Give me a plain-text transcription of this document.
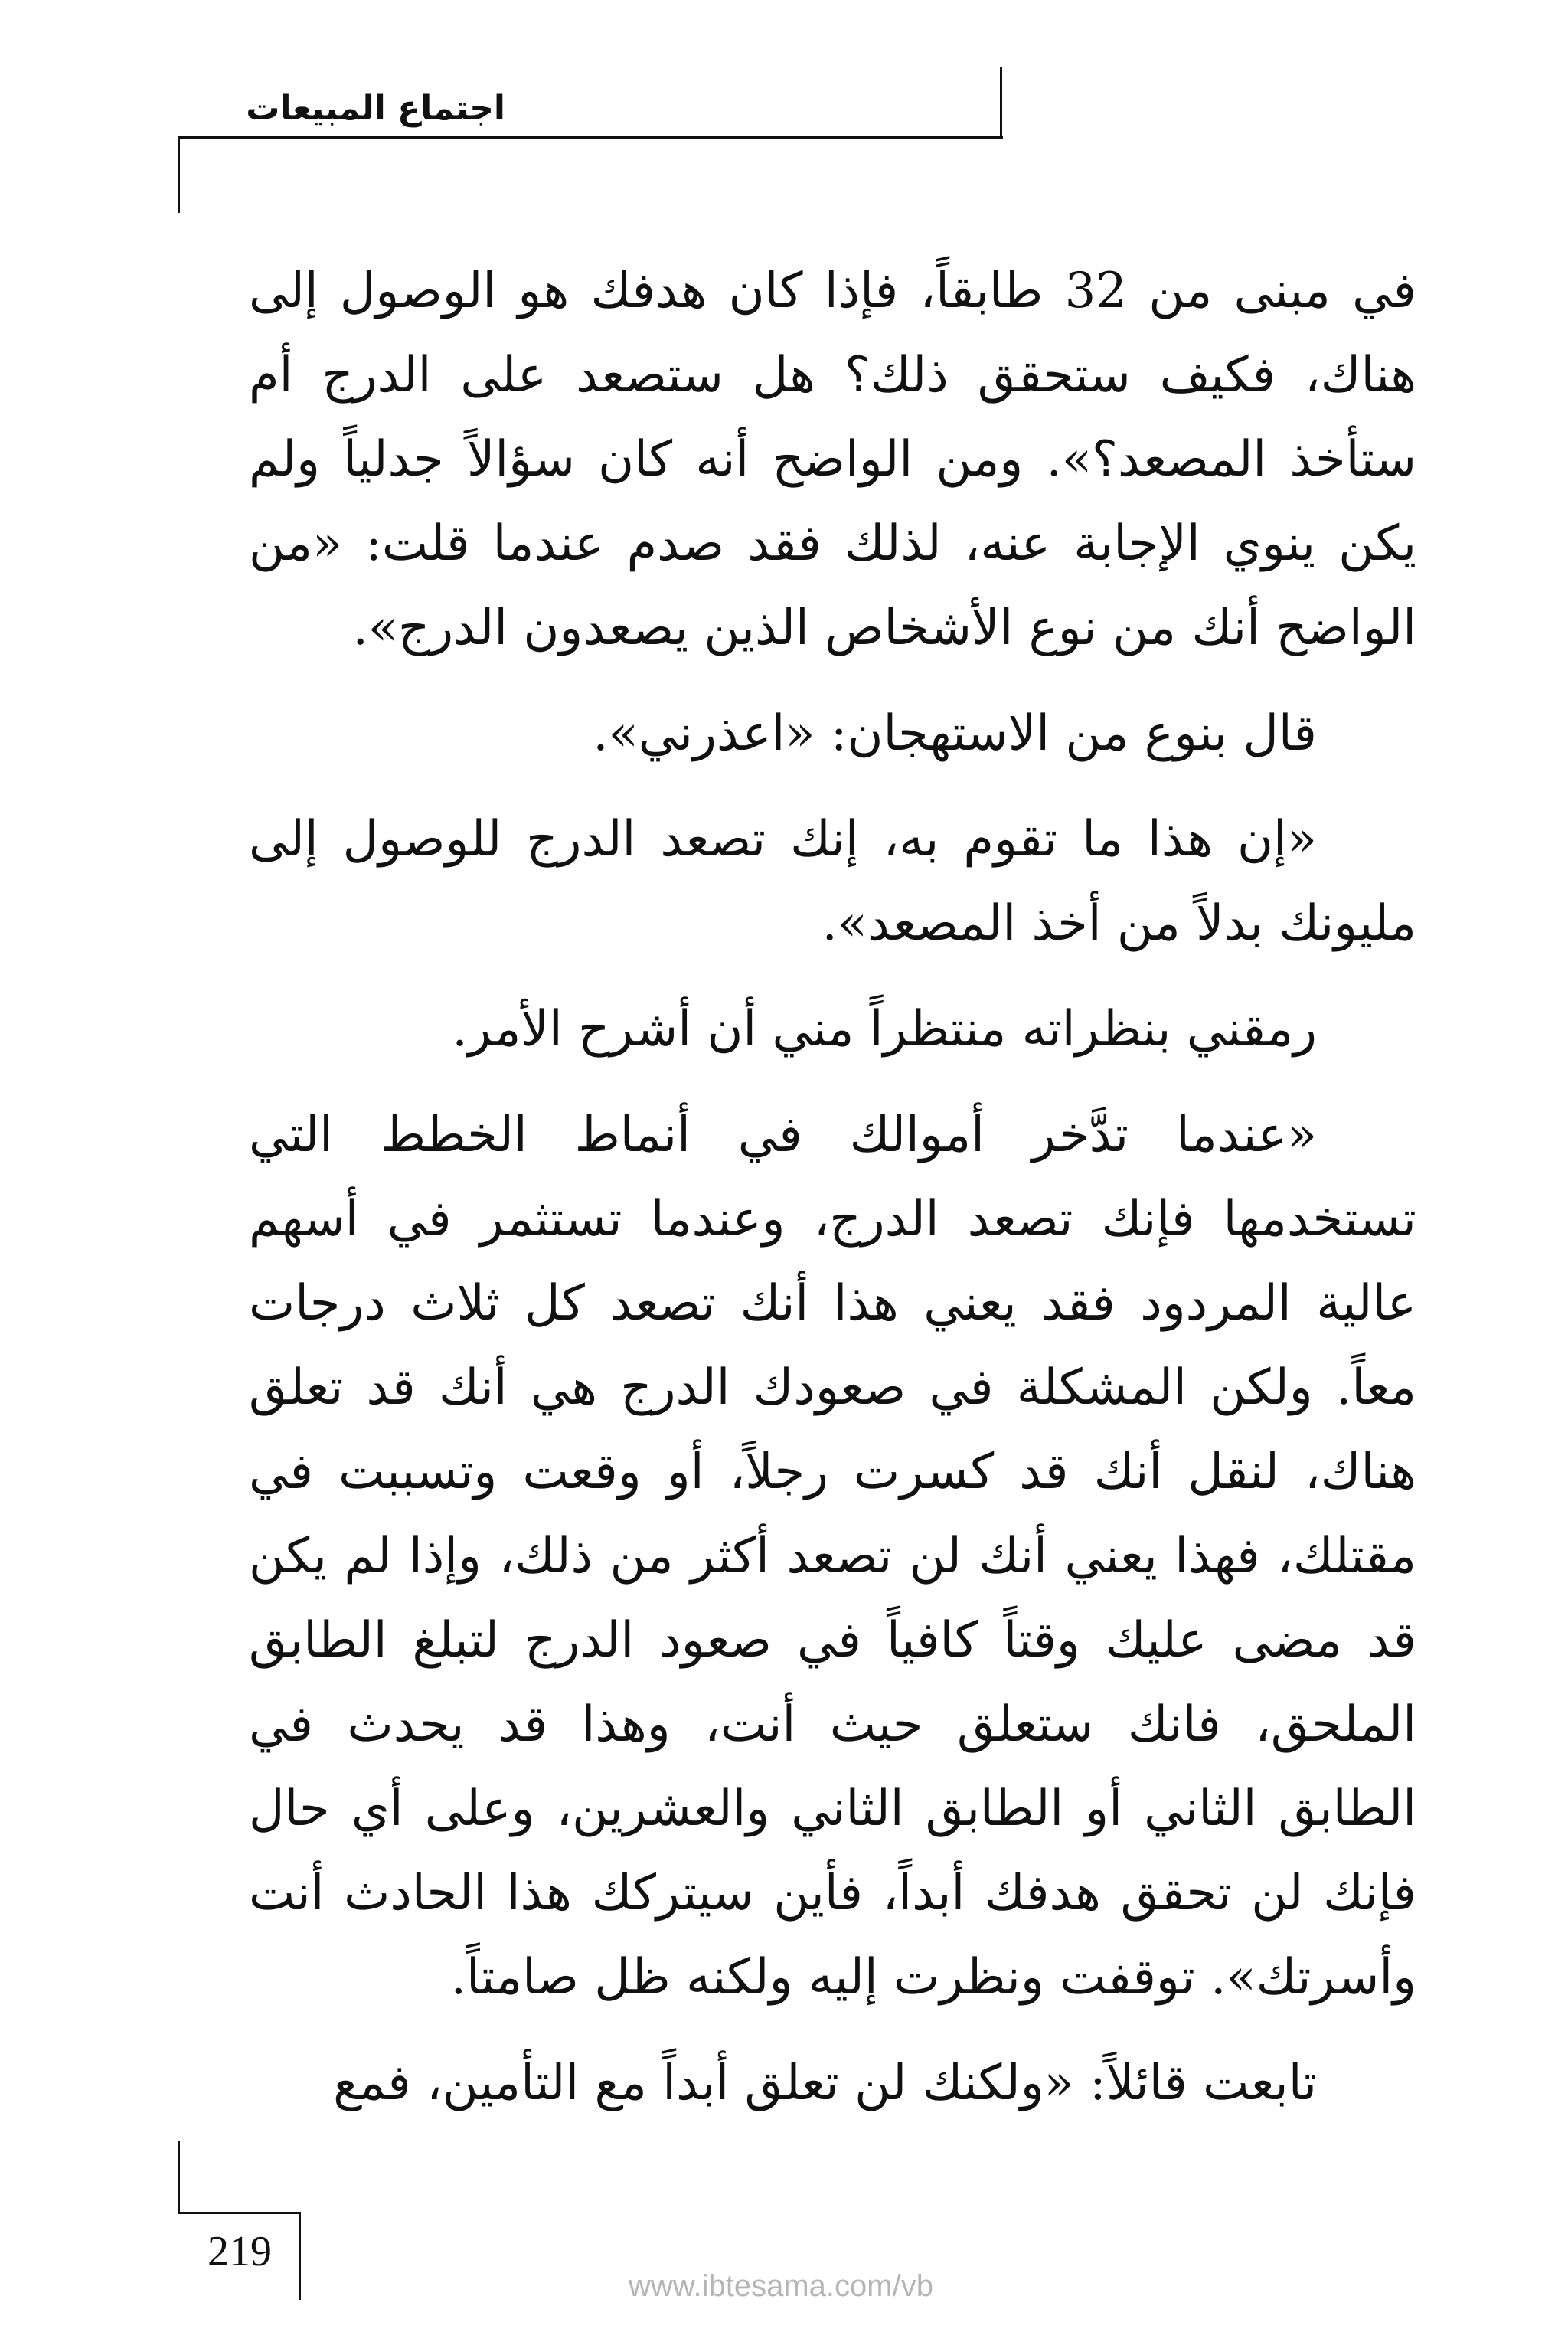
اجتماع المبيعات

في مبنى من 32 طابقاً، فإذا كان هدفك هو الوصول إلى هناك، فكيف ستحقق ذلك؟ هل ستصعد على الدرج أم ستأخذ المصعد؟». ومن الواضح أنه كان سؤالاً جدلياً ولم يكن ينوي الإجابة عنه، لذلك فقد صدم عندما قلت: «من الواضح أنك من نوع الأشخاص الذين يصعدون الدرج».

قال بنوع من الاستهجان: «اعذرني».

«إن هذا ما تقوم به، إنك تصعد الدرج للوصول إلى مليونك بدلاً من أخذ المصعد».

رمقني بنظراته منتظراً مني أن أشرح الأمر.

«عندما تدَّخر أموالك في أنماط الخطط التي تستخدمها فإنك تصعد الدرج، وعندما تستثمر في أسهم عالية المردود فقد يعني هذا أنك تصعد كل ثلاث درجات معاً. ولكن المشكلة في صعودك الدرج هي أنك قد تعلق هناك، لنقل أنك قد كسرت رجلاً، أو وقعت وتسببت في مقتلك، فهذا يعني أنك لن تصعد أكثر من ذلك، وإذا لم يكن قد مضى عليك وقتاً كافياً في صعود الدرج لتبلغ الطابق الملحق، فانك ستعلق حيث أنت، وهذا قد يحدث في الطابق الثاني أو الطابق الثاني والعشرين، وعلى أي حال فإنك لن تحقق هدفك أبداً، فأين سيتركك هذا الحادث أنت وأسرتك». توقفت ونظرت إليه ولكنه ظل صامتاً.

تابعت قائلاً: «ولكنك لن تعلق أبداً مع التأمين، فمع

219
www.ibtesama.com/vb
